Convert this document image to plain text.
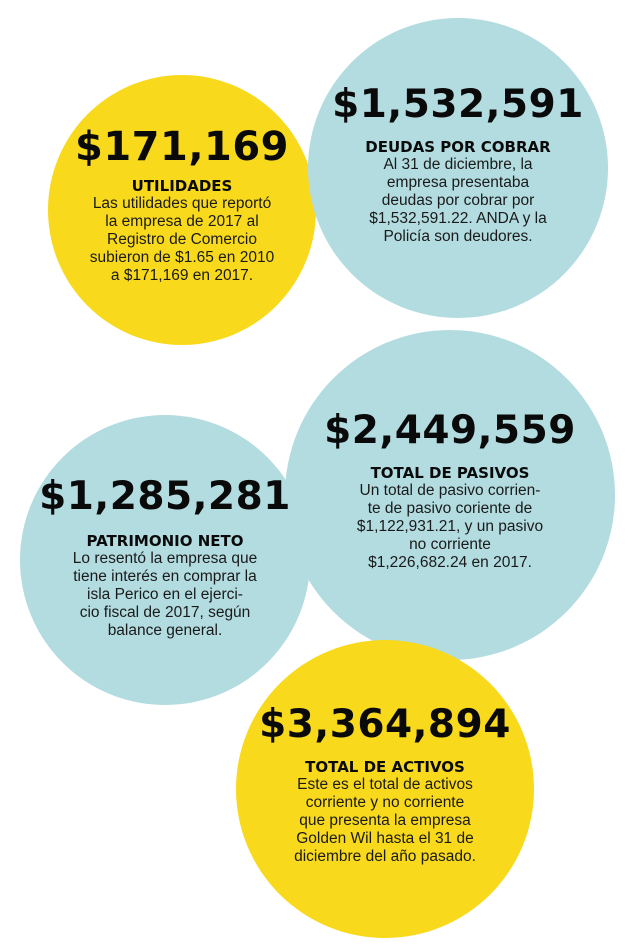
$171,169
UTILIDADES
Las utilidades que reportó
la empresa de 2017 al
Registro de Comercio
subieron de $1.65 en 2010
a $171,169 en 2017.
$1,532,591
DEUDAS POR COBRAR
Al 31 de diciembre, la
empresa presentaba
deudas por cobrar por
$1,532,591.22. ANDA y la
Policía son deudores.
$2,449,559
TOTAL DE PASIVOS
Un total de pasivo corrien-
te de pasivo coriente de
$1,122,931.21, y un pasivo
no corriente
$1,226,682.24 en 2017.
$1,285,281
PATRIMONIO NETO
Lo resentó la empresa que
tiene interés en comprar la
isla Perico en el ejerci-
cio fiscal de 2017, según
balance general.
$3,364,894
TOTAL DE ACTIVOS
Este es el total de activos
corriente y no corriente
que presenta la empresa
Golden Wil hasta el 31 de
diciembre del año pasado.
